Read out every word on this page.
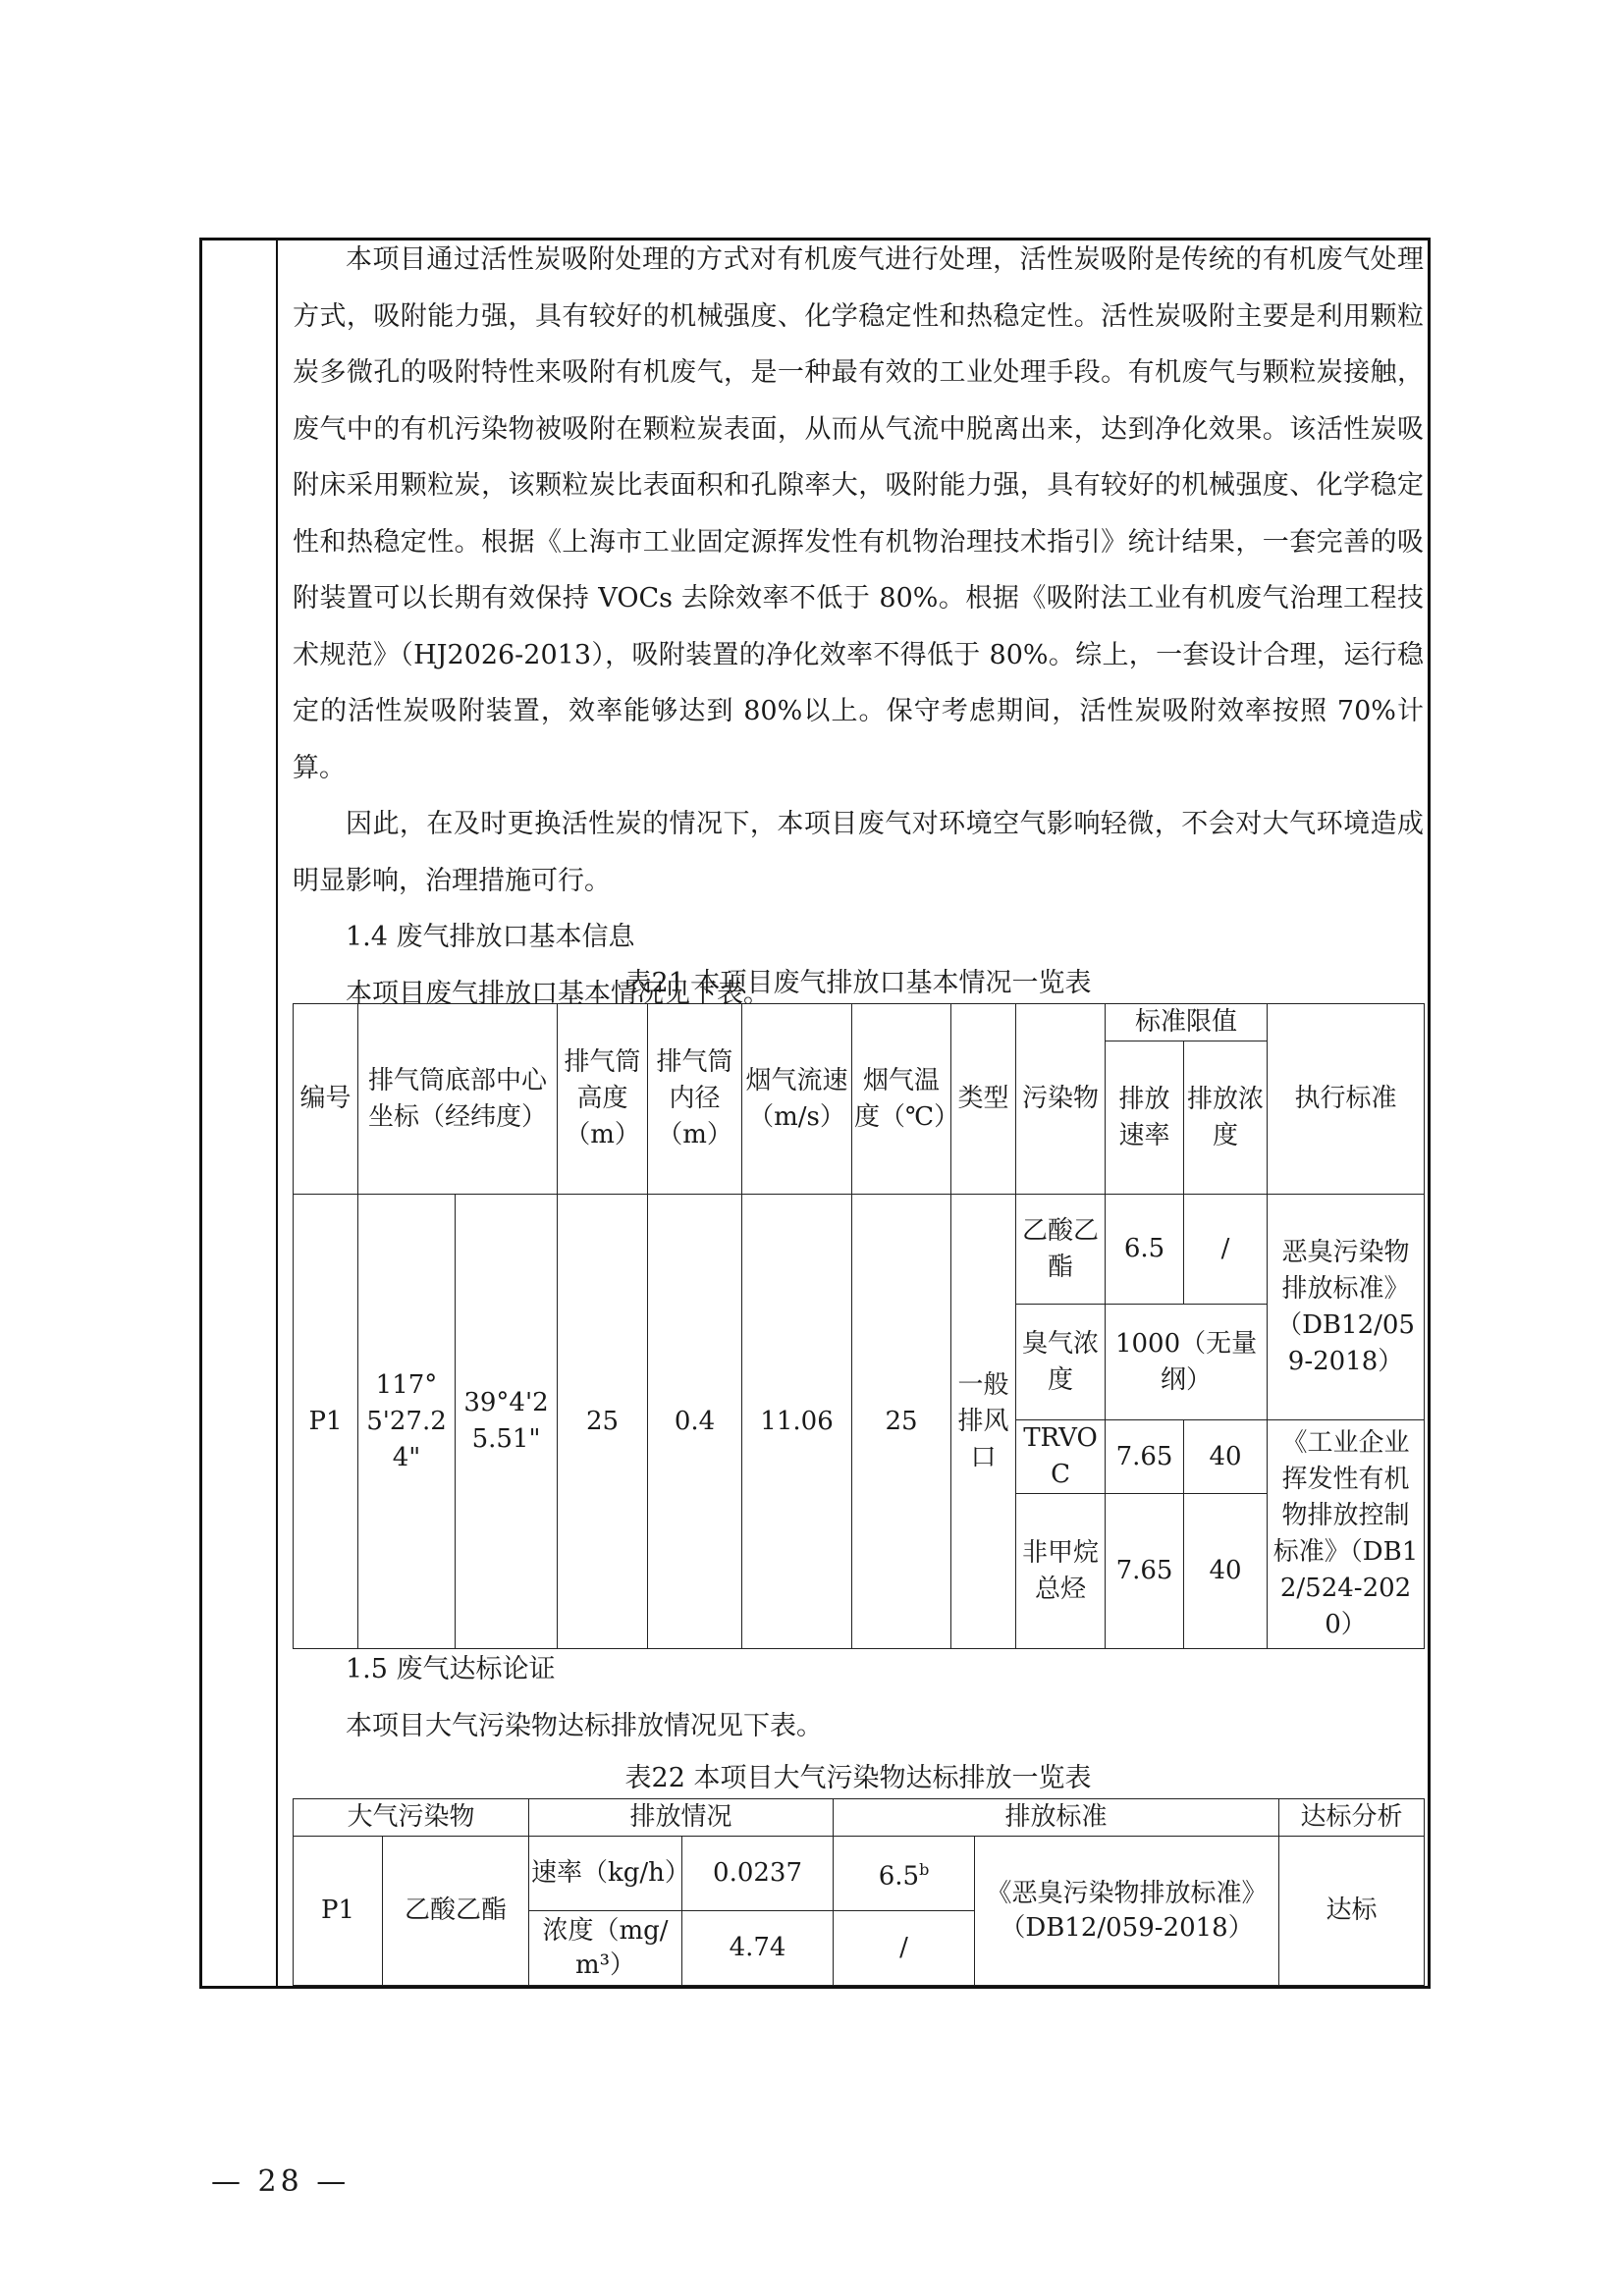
本项目通过活性炭吸附处理的方式对有机废气进行处理，活性炭吸附是传统的有机废气处理方式，吸附能力强，具有较好的机械强度、化学稳定性和热稳定性。活性炭吸附主要是利用颗粒炭多微孔的吸附特性来吸附有机废气，是一种最有效的工业处理手段。有机废气与颗粒炭接触，废气中的有机污染物被吸附在颗粒炭表面，从而从气流中脱离出来，达到净化效果。该活性炭吸附床采用颗粒炭，该颗粒炭比表面积和孔隙率大，吸附能力强，具有较好的机械强度、化学稳定性和热稳定性。根据《上海市工业固定源挥发性有机物治理技术指引》统计结果，一套完善的吸附装置可以长期有效保持 VOCs 去除效率不低于 80%。根据《吸附法工业有机废气治理工程技术规范》（HJ2026-2013），吸附装置的净化效率不得低于 80%。综上，一套设计合理，运行稳定的活性炭吸附装置，效率能够达到 80%以上。保守考虑期间，活性炭吸附效率按照 70%计算。

因此，在及时更换活性炭的情况下，本项目废气对环境空气影响轻微，不会对大气环境造成明显影响，治理措施可行。

1.4 废气排放口基本信息

本项目废气排放口基本情况见下表。

表21 本项目废气排放口基本情况一览表
编号	排气筒底部中心坐标（经纬度）		排气筒高度（m）	排气筒内径（m）	烟气流速（m/s）	烟气温度（℃）	类型	污染物	标准限值		执行标准
									排放速率	排放浓度	
P1	117°5'27.24"	39°4'25.51"	25	0.4	11.06	25	一般排风口	乙酸乙酯	6.5	/	恶臭污染物排放标准》（DB12/059-2018）
								臭气浓度	1000（无量纲）		
								TRVOC	7.65	40	《工业企业挥发性有机物排放控制标准》（DB12/524-2020）
								非甲烷总烃	7.65	40	

1.5 废气达标论证

本项目大气污染物达标排放情况见下表。

表22 本项目大气污染物达标排放一览表
大气污染物		排放情况		排放标准		达标分析
P1	乙酸乙酯	速率（kg/h）	0.0237	6.5$^b$	《恶臭污染物排放标准》（DB12/059-2018）	达标
		浓度（mg/m³）	4.74	/		
— 28 —
